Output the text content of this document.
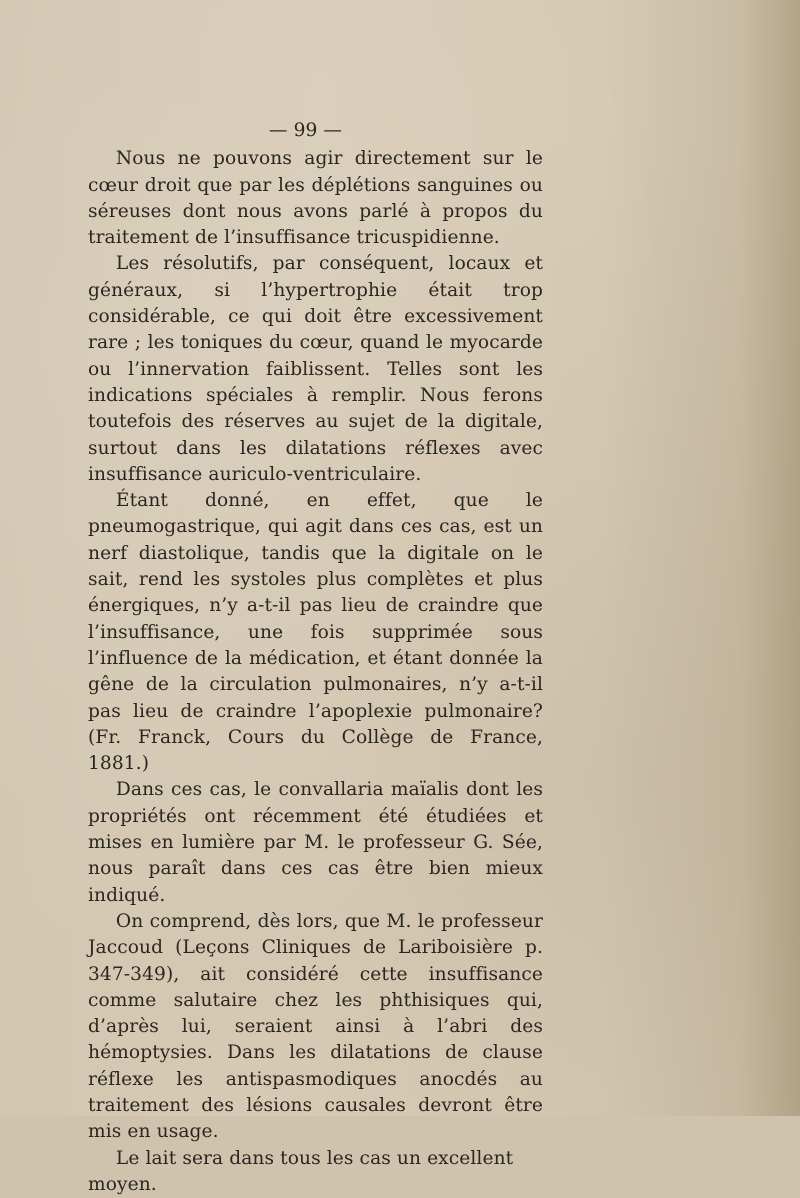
— 99 —

Nous ne pouvons agir directement sur le cœur droit que par les déplétions sanguines ou séreuses dont nous avons parlé à propos du traitement de l’insuffisance tricuspidienne.

Les résolutifs, par conséquent, locaux et généraux, si l’hypertrophie était trop considérable, ce qui doit être excessivement rare ; les toniques du cœur, quand le myocarde ou l’innervation faiblissent. Telles sont les indications spéciales à remplir. Nous ferons toutefois des réserves au sujet de la digitale, surtout dans les dilatations réflexes avec insuffisance auriculo-ventriculaire.

Étant donné, en effet, que le pneumogastrique, qui agit dans ces cas, est un nerf diastolique, tandis que la digitale on le sait, rend les systoles plus complètes et plus énergiques, n’y a-t-il pas lieu de craindre que l’insuffisance, une fois supprimée sous l’influence de la médication, et étant donnée la gêne de la circulation pulmonaires, n’y a-t-il pas lieu de craindre l’apoplexie pulmonaire? (Fr. Franck, Cours du Collège de France, 1881.)

Dans ces cas, le convallaria maïalis dont les propriétés ont récemment été étudiées et mises en lumière par M. le professeur G. Sée, nous paraît dans ces cas être bien mieux indiqué.

On comprend, dès lors, que M. le professeur Jaccoud (Leçons Cliniques de Lariboisière p. 347-349), ait considéré cette insuffisance comme salutaire chez les phthisiques qui, d’après lui, seraient ainsi à l’abri des hémoptysies. Dans les dilatations de clause réflexe les antispasmodiques anocdés au traitement des lésions causales devront être mis en usage.

Le lait sera dans tous les cas un excellent moyen.
